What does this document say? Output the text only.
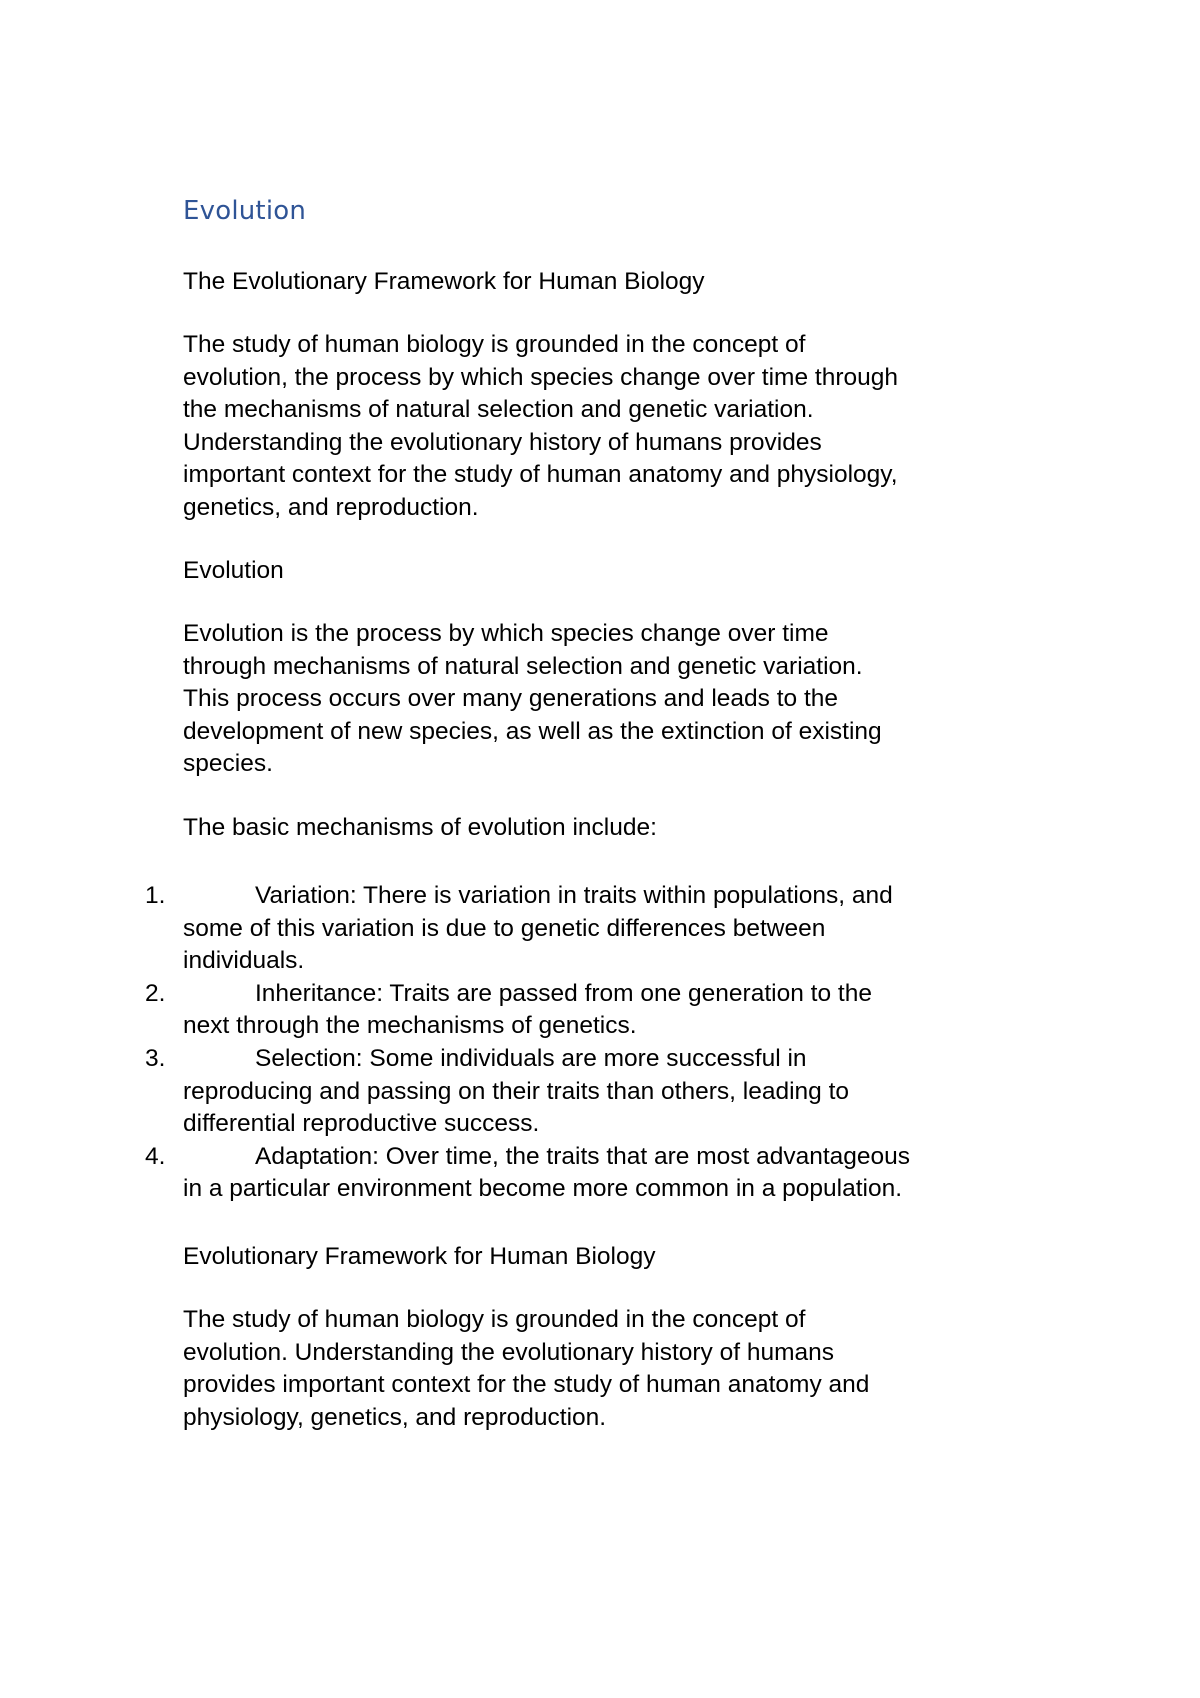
Evolution

The Evolutionary Framework for Human Biology

The study of human biology is grounded in the concept of
evolution, the process by which species change over time through
the mechanisms of natural selection and genetic variation.
Understanding the evolutionary history of humans provides
important context for the study of human anatomy and physiology,
genetics, and reproduction.

Evolution

Evolution is the process by which species change over time
through mechanisms of natural selection and genetic variation.
This process occurs over many generations and leads to the
development of new species, as well as the extinction of existing
species.

The basic mechanisms of evolution include:

1.	Variation: There is variation in traits within populations, and
some of this variation is due to genetic differences between
individuals.
2.	Inheritance: Traits are passed from one generation to the
next through the mechanisms of genetics.
3.	Selection: Some individuals are more successful in
reproducing and passing on their traits than others, leading to
differential reproductive success.
4.	Adaptation: Over time, the traits that are most advantageous
in a particular environment become more common in a population.

Evolutionary Framework for Human Biology

The study of human biology is grounded in the concept of
evolution. Understanding the evolutionary history of humans
provides important context for the study of human anatomy and
physiology, genetics, and reproduction.
